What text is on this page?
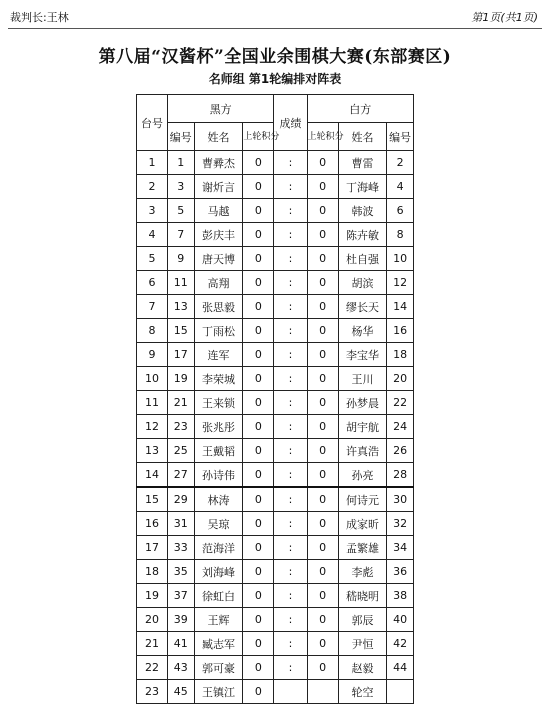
裁判长:王林	第1页(共1页)
第八届“汉酱杯”全国业余围棋大赛(东部赛区)
名师组 第1轮编排对阵表
台号	黑方			成绩	白方		
	编号	姓名	上轮积分		上轮积分	姓名	编号
1	1	曹彛杰	0	:	0	曹雷	2
2	3	谢炘言	0	:	0	丁海峰	4
3	5	马越	0	:	0	韩波	6
4	7	彭庆丰	0	:	0	陈卉敏	8
5	9	唐天博	0	:	0	杜自强	10
6	11	高翔	0	:	0	胡滨	12
7	13	张思毅	0	:	0	缪长天	14
8	15	丁雨松	0	:	0	杨华	16
9	17	连军	0	:	0	李宝华	18
10	19	李荣城	0	:	0	王川	20
11	21	王来锁	0	:	0	孙梦晨	22
12	23	张兆彤	0	:	0	胡宇航	24
13	25	王戴韬	0	:	0	许真浩	26
14	27	孙诗伟	0	:	0	孙亮	28
15	29	林涛	0	:	0	何诗元	30
16	31	吴琼	0	:	0	成家昕	32
17	33	范海洋	0	:	0	孟繁雄	34
18	35	刘海峰	0	:	0	李彪	36
19	37	徐虹白	0	:	0	嵇晓明	38
20	39	王辉	0	:	0	郭辰	40
21	41	臧志军	0	:	0	尹恒	42
22	43	郭可豪	0	:	0	赵毅	44
23	45	王镇江	0			轮空	
